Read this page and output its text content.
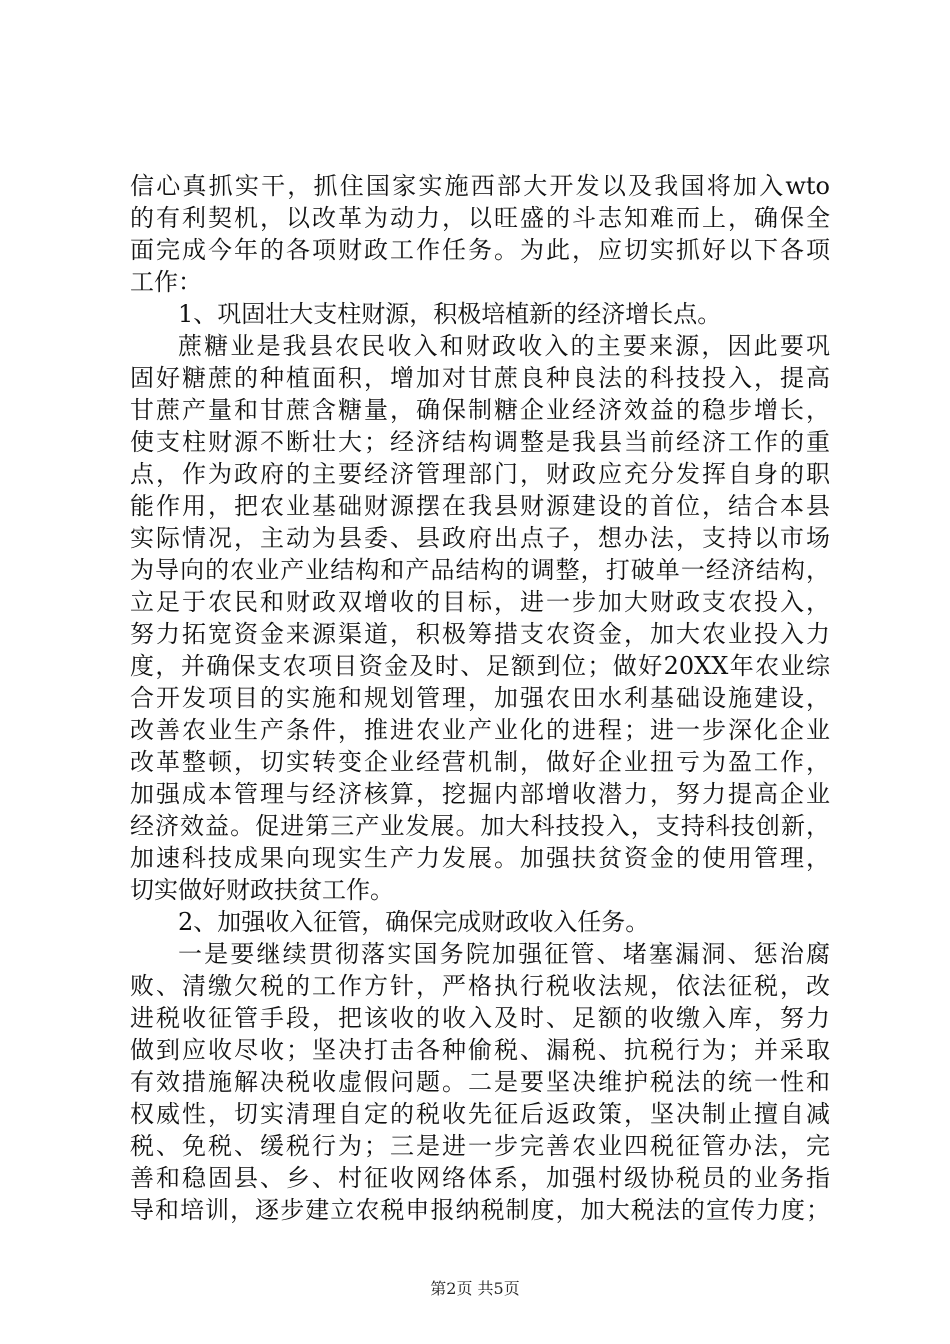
信心真抓实干，抓住国家实施西部大开发以及我国将加入wto
的有利契机，以改革为动力，以旺盛的斗志知难而上，确保全
面完成今年的各项财政工作任务。为此，应切实抓好以下各项
工作：
1、巩固壮大支柱财源，积极培植新的经济增长点。
蔗糖业是我县农民收入和财政收入的主要来源，因此要巩
固好糖蔗的种植面积，增加对甘蔗良种良法的科技投入，提高
甘蔗产量和甘蔗含糖量，确保制糖企业经济效益的稳步增长，
使支柱财源不断壮大；经济结构调整是我县当前经济工作的重
点，作为政府的主要经济管理部门，财政应充分发挥自身的职
能作用，把农业基础财源摆在我县财源建设的首位，结合本县
实际情况，主动为县委、县政府出点子，想办法，支持以市场
为导向的农业产业结构和产品结构的调整，打破单一经济结构，
立足于农民和财政双增收的目标，进一步加大财政支农投入，
努力拓宽资金来源渠道，积极筹措支农资金，加大农业投入力
度，并确保支农项目资金及时、足额到位；做好20XX年农业综
合开发项目的实施和规划管理，加强农田水利基础设施建设，
改善农业生产条件，推进农业产业化的进程；进一步深化企业
改革整顿，切实转变企业经营机制，做好企业扭亏为盈工作，
加强成本管理与经济核算，挖掘内部增收潜力，努力提高企业
经济效益。促进第三产业发展。加大科技投入，支持科技创新，
加速科技成果向现实生产力发展。加强扶贫资金的使用管理，
切实做好财政扶贫工作。
2、加强收入征管，确保完成财政收入任务。
一是要继续贯彻落实国务院加强征管、堵塞漏洞、惩治腐
败、清缴欠税的工作方针，严格执行税收法规，依法征税，改
进税收征管手段，把该收的收入及时、足额的收缴入库，努力
做到应收尽收；坚决打击各种偷税、漏税、抗税行为；并采取
有效措施解决税收虚假问题。二是要坚决维护税法的统一性和
权威性，切实清理自定的税收先征后返政策，坚决制止擅自减
税、免税、缓税行为；三是进一步完善农业四税征管办法，完
善和稳固县、乡、村征收网络体系，加强村级协税员的业务指
导和培训，逐步建立农税申报纳税制度，加大税法的宣传力度；
第2页 共5页
